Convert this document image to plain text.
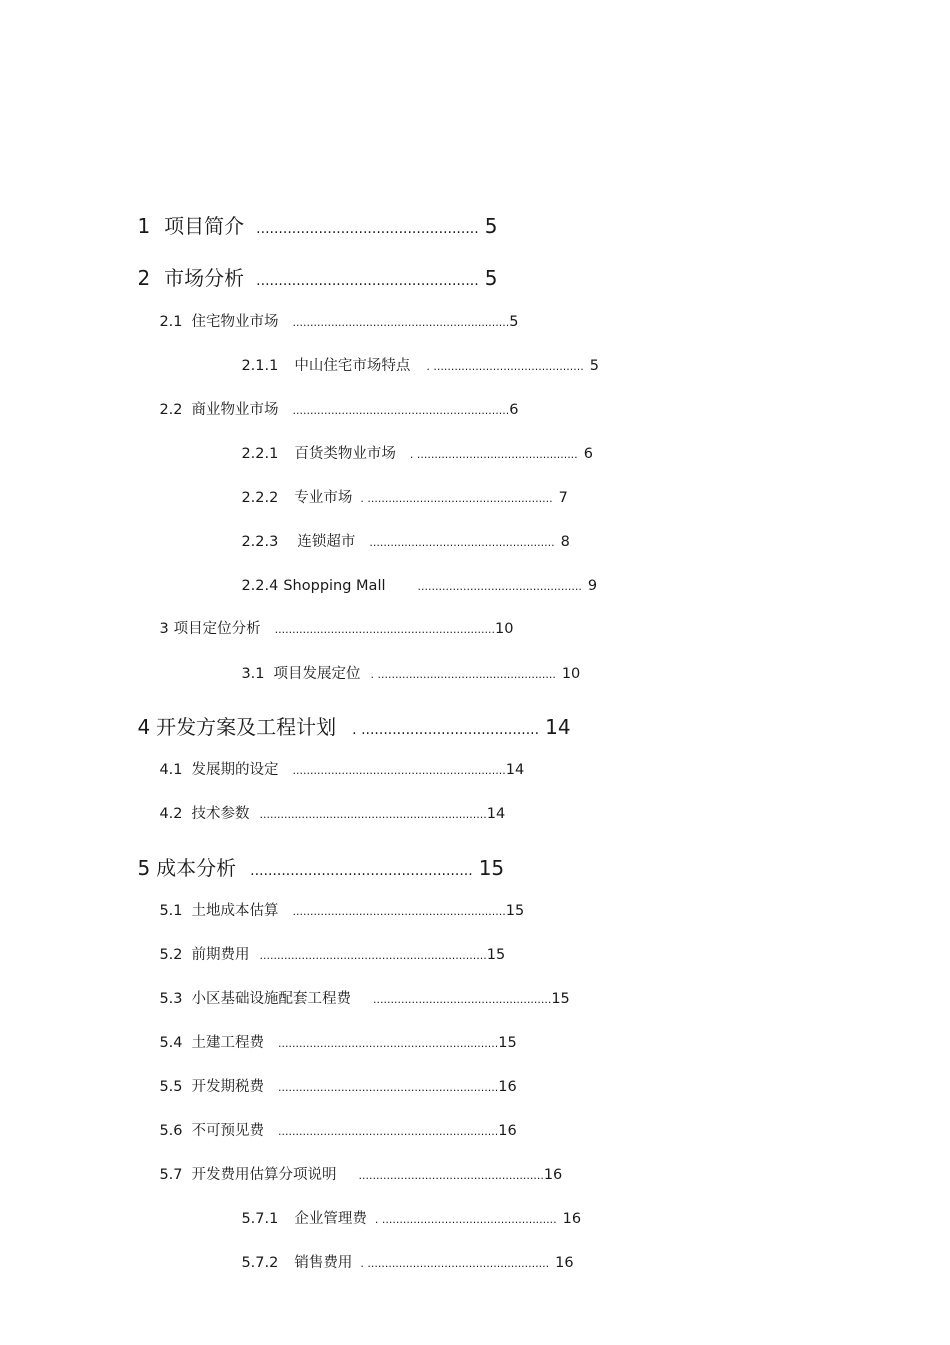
1 项目简介 .................................................. 5

2 市场分析 .................................................. 5

2.1 住宅物业市场 ..............................................................5

2.1.1 中山住宅市场特点 . ........................................... 5

2.2 商业物业市场 ..............................................................6

2.2.1 百货类物业市场 . .............................................. 6

2.2.2 专业市场 . ..................................................... 7

2.2.3 连锁超市 ..................................................... 8

2.2.4 Shopping Mall	............................................... 9

3 项目定位分析 ...............................................................10

3.1 项目发展定位 . ................................................... 10

4 开发方案及工程计划 . ........................................ 14

4.1 发展期的设定 .............................................................14

4.2 技术参数 .................................................................14

5 成本分析 .................................................. 15

5.1 土地成本估算 .............................................................15

5.2 前期费用 .................................................................15

5.3 小区基础设施配套工程费 ...................................................15

5.4 土建工程费 ...............................................................15

5.5 开发期税费 ...............................................................16

5.6 不可预见费 ...............................................................16

5.7 开发费用估算分项说明 .....................................................16

5.7.1 企业管理费 . .................................................. 16

5.7.2 销售费用 . .................................................... 16
